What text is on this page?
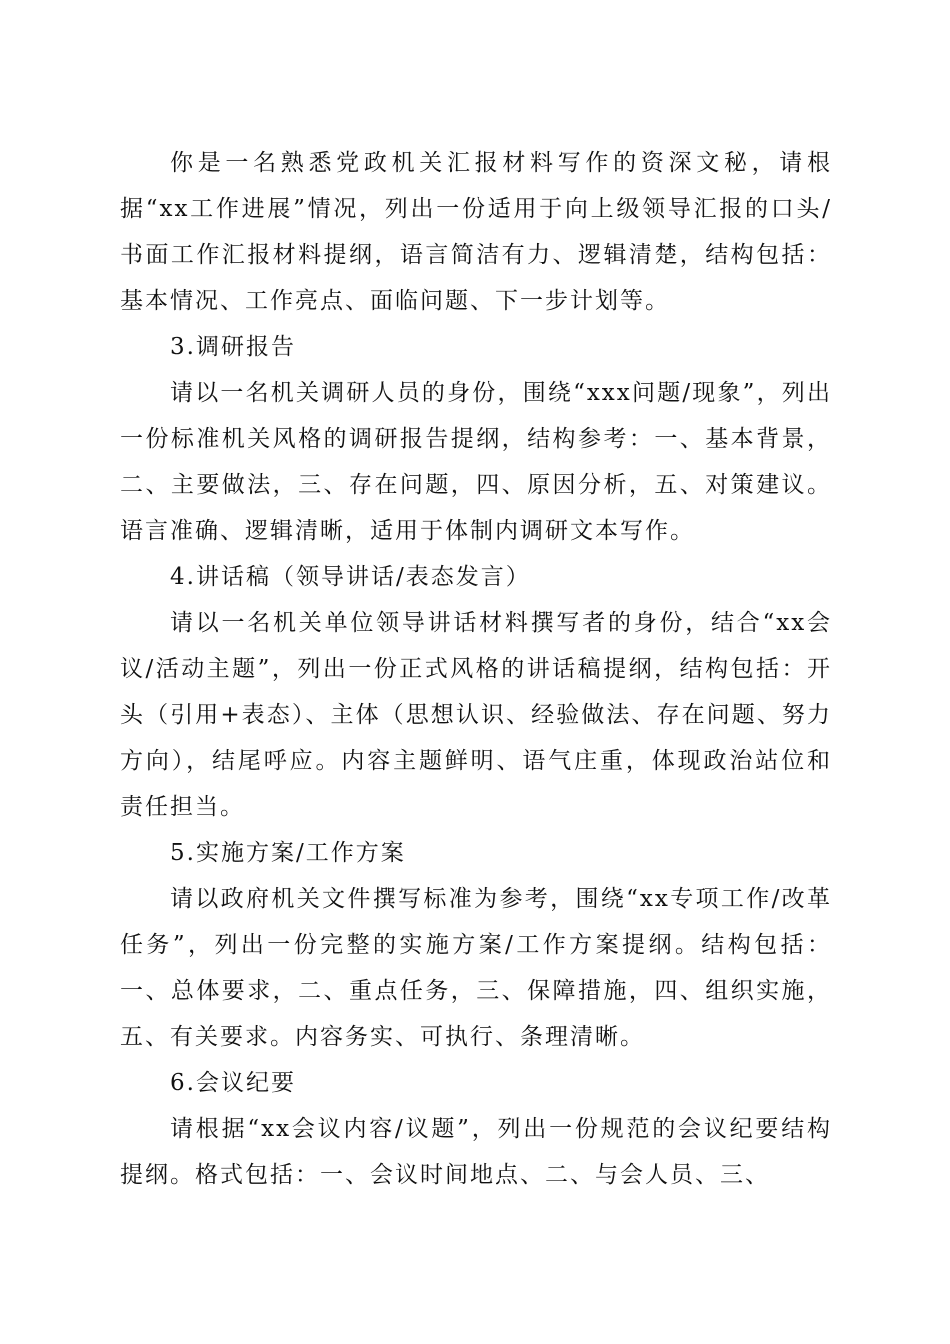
你是一名熟悉党政机关汇报材料写作的资深文秘，请根据“xx工作进展”情况，列出一份适用于向上级领导汇报的口头/书面工作汇报材料提纲，语言简洁有力、逻辑清楚，结构包括：基本情况、工作亮点、面临问题、下一步计划等。

3.调研报告

请以一名机关调研人员的身份，围绕“xxx问题/现象”，列出一份标准机关风格的调研报告提纲，结构参考：一、基本背景，二、主要做法，三、存在问题，四、原因分析，五、对策建议。语言准确、逻辑清晰，适用于体制内调研文本写作。

4.讲话稿（领导讲话/表态发言）

请以一名机关单位领导讲话材料撰写者的身份，结合“xx会议/活动主题”，列出一份正式风格的讲话稿提纲，结构包括：开头（引用+表态）、主体（思想认识、经验做法、存在问题、努力方向），结尾呼应。内容主题鲜明、语气庄重，体现政治站位和责任担当。

5.实施方案/工作方案

请以政府机关文件撰写标准为参考，围绕“xx专项工作/改革任务”，列出一份完整的实施方案/工作方案提纲。结构包括：一、总体要求，二、重点任务，三、保障措施，四、组织实施，五、有关要求。内容务实、可执行、条理清晰。

6.会议纪要

请根据“xx会议内容/议题”，列出一份规范的会议纪要结构提纲。格式包括：一、会议时间地点、二、与会人员、三、
